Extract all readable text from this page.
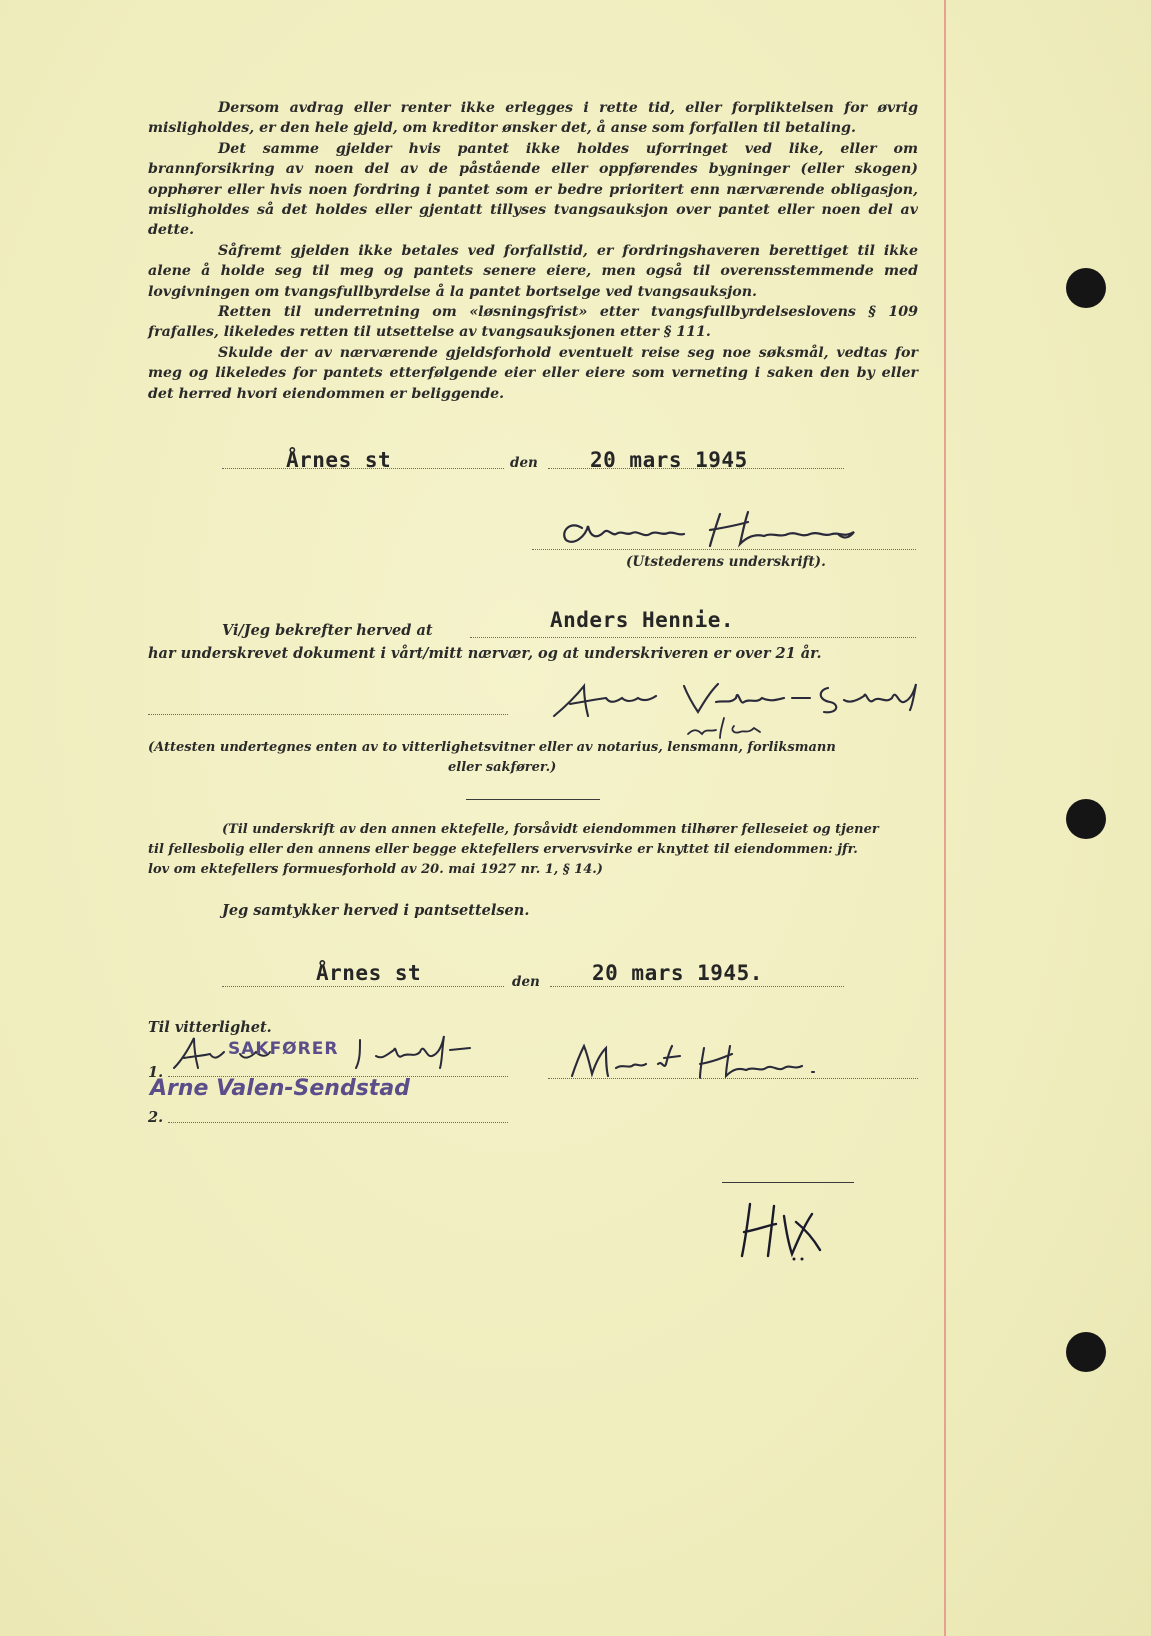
Dersom avdrag eller renter ikke erlegges i rette tid, eller forpliktelsen for øvrig misligholdes, er den hele gjeld, om kreditor ønsker det, å anse som forfallen til betaling.

Det samme gjelder hvis pantet ikke holdes uforringet ved like, eller om brannforsikring av noen del av de påstående eller oppførendes bygninger (eller skogen) opphører eller hvis noen fordring i pantet som er bedre prioritert enn nærværende obligasjon, misligholdes så det holdes eller gjentatt tillyses tvangsauksjon over pantet eller noen del av dette.

Såfremt gjelden ikke betales ved forfallstid, er fordringshaveren berettiget til ikke alene å holde seg til meg og pantets senere eiere, men også til overensstemmende med lovgivningen om tvangsfullbyrdelse å la pantet bortselge ved tvangsauksjon.

Retten til underretning om «løsningsfrist» etter tvangsfullbyrdelseslovens § 109 frafalles, likeledes retten til utsettelse av tvangsauksjonen etter § 111.

Skulde der av nærværende gjeldsforhold eventuelt reise seg noe søksmål, vedtas for meg og likeledes for pantets etterfølgende eier eller eiere som verneting i saken den by eller det herred hvori eiendommen er beliggende.

Årnes st	den 20 mars 1945
(Utstederens underskrift).
Vi/Jeg bekrefter herved at	Anders Hennie.
har underskrevet dokument i vårt/mitt nærvær, og at underskriveren er over 21 år.
(Attesten undertegnes enten av to vitterlighetsvitner eller av notarius, lensmann, forliksmann
eller sakfører.)
(Til underskrift av den annen ektefelle, forsåvidt eiendommen tilhører felleseiet og tjener
til fellesbolig eller den annens eller begge ektefellers ervervsvirke er knyttet til eiendommen: jfr.
lov om ektefellers formuesforhold av 20. mai 1927 nr. 1, § 14.)
Jeg samtykker herved i pantsettelsen.
Årnes st	den 20 mars 1945.
Til vitterlighet.
1.
2.
SAKFØRER
Arne Valen-Sendstad
